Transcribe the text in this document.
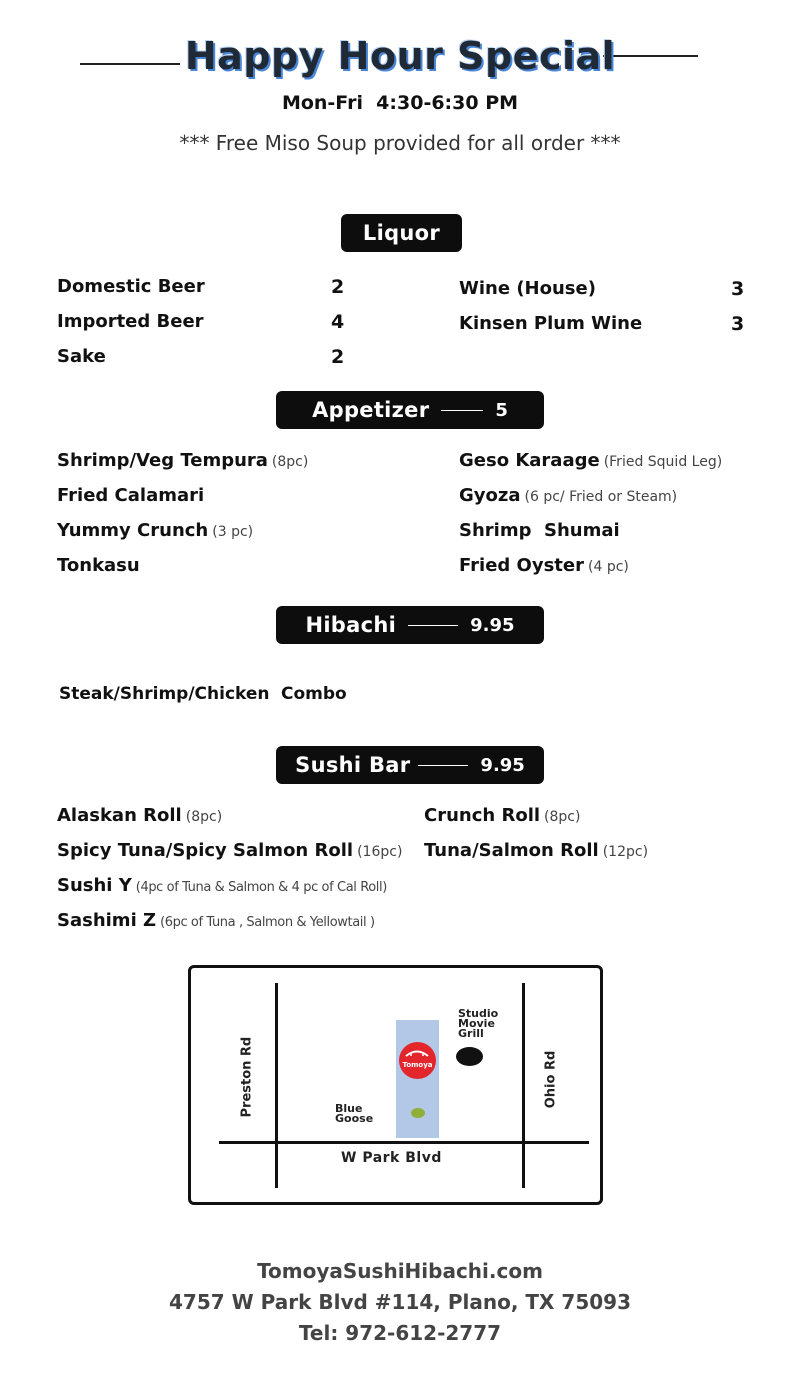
Happy Hour Special
Mon-Fri  4:30-6:30 PM
*** Free Miso Soup provided for all order ***
Liquor
Domestic Beer	2
Imported Beer	4
Sake	2
Wine (House)	3
Kinsen Plum Wine	3
Appetizer	5
Shrimp/Veg Tempura (8pc)
Fried Calamari
Yummy Crunch (3 pc)
Tonkasu
Geso Karaage (Fried Squid Leg)
Gyoza (6 pc/ Fried or Steam)
Shrimp  Shumai
Fried Oyster (4 pc)
Hibachi	9.95
Steak/Shrimp/Chicken Combo
Sushi Bar	9.95
Alaskan Roll (8pc)
Spicy Tuna/Spicy Salmon Roll (16pc)
Sushi Y (4pc of Tuna & Salmon & 4 pc of Cal Roll)
Sashimi Z (6pc of Tuna , Salmon & Yellowtail )
Crunch Roll (8pc)
Tuna/Salmon Roll (12pc)
Tomoya
Blue
Goose
Studio
Movie
Grill
Preston Rd	Ohio Rd
W Park Blvd
TomoyaSushiHibachi.com
4757 W Park Blvd #114, Plano, TX 75093
Tel: 972-612-2777
